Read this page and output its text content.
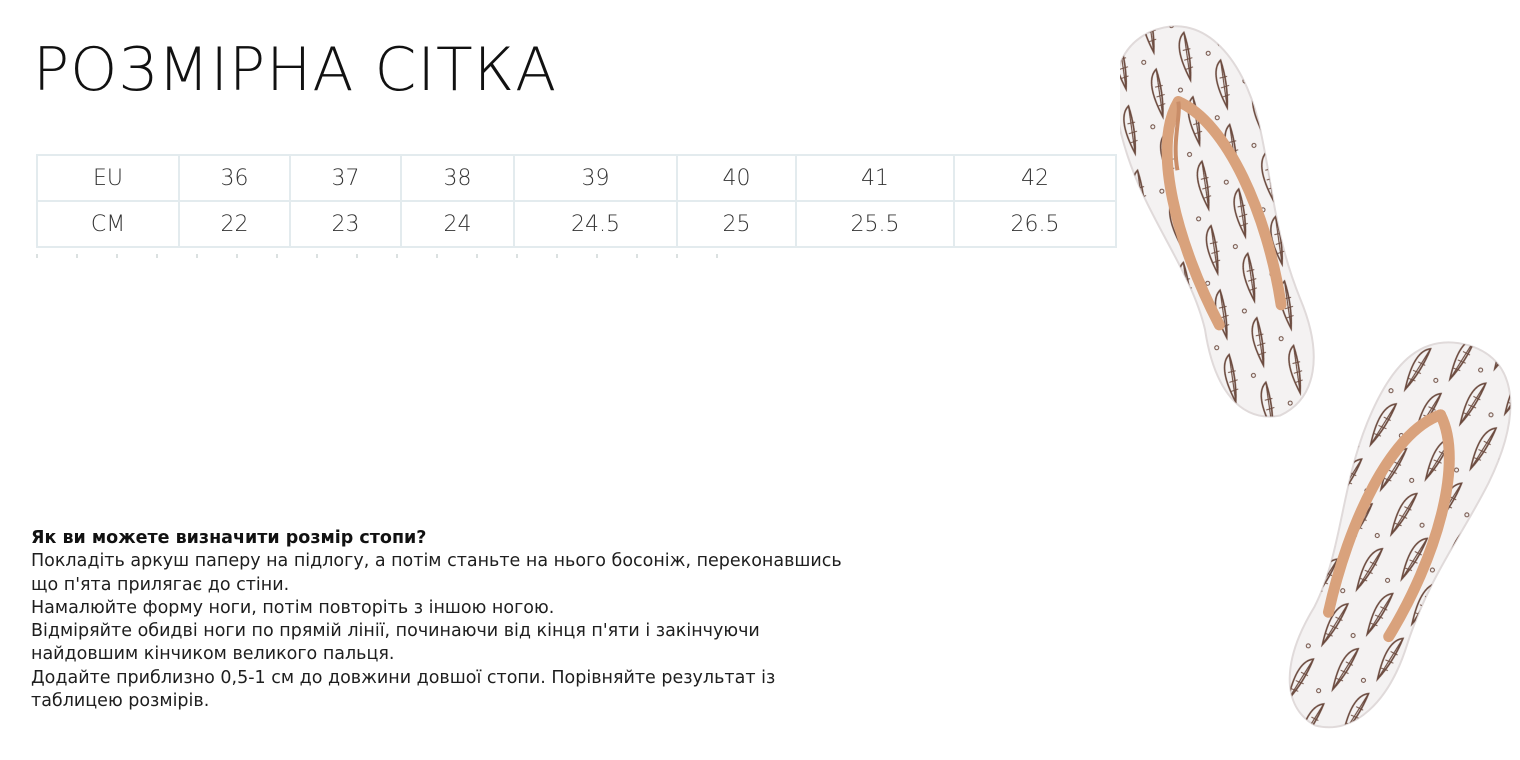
РОЗМІРНА СІТКА
EU	36	37	38	39	40	41	42
CM	22	23	24	24.5	25	25.5	26.5

Як ви можете визначити розмір стопи?

Покладіть аркуш паперу на підлогу, а потім станьте на нього босоніж, переконавшись що п'ята прилягає до стіни.

Намалюйте форму ноги, потім повторіть з іншою ногою.

Відміряйте обидві ноги по прямій лінії, починаючи від кінця п'яти і закінчуючи найдовшим кінчиком великого пальця.

Додайте приблизно 0,5-1 см до довжини довшої стопи. Порівняйте результат із таблицею розмірів.
